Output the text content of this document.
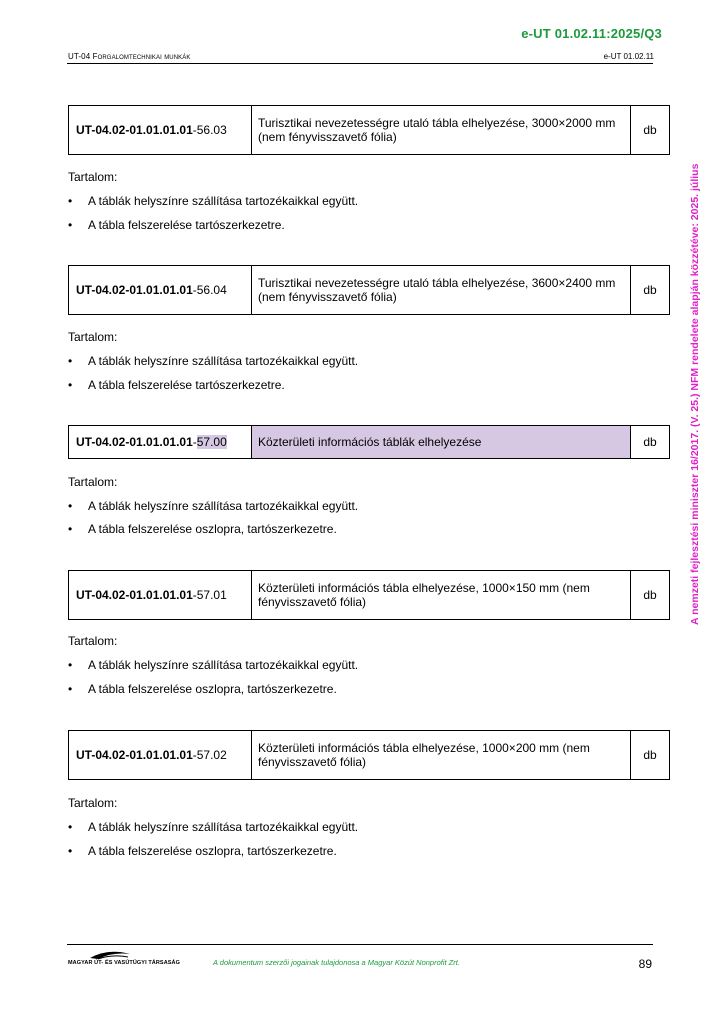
e-UT 01.02.11:2025/Q3
UT-04 Forgalomtechnikai munkák	e-UT 01.02.11
A nemzeti fejlesztési miniszter 16/2017. (V. 25.) NFM rendelete alapján közzétéve: 2025. július
UT-04.02-01.01.01.01 -56.03	Turisztikai nevezetességre utaló tábla elhelyezése, 3000×2000 mm (nem fényvisszavető fólia)	db
Tartalom:
•	A táblák helyszínre szállítása tartozékaikkal együtt.
•	A tábla felszerelése tartószerkezetre.
UT-04.02-01.01.01.01 -56.04	Turisztikai nevezetességre utaló tábla elhelyezése, 3600×2400 mm (nem fényvisszavető fólia)	db
Tartalom:
•	A táblák helyszínre szállítása tartozékaikkal együtt.
•	A tábla felszerelése tartószerkezetre.
UT-04.02-01.01.01.01 - 57.00	Közterületi információs táblák elhelyezése	db
Tartalom:
•	A táblák helyszínre szállítása tartozékaikkal együtt.
•	A tábla felszerelése oszlopra, tartószerkezetre.
UT-04.02-01.01.01.01 -57.01	Közterületi információs tábla elhelyezése, 1000×150 mm (nem fényvisszavető fólia)	db
Tartalom:
•	A táblák helyszínre szállítása tartozékaikkal együtt.
•	A tábla felszerelése oszlopra, tartószerkezetre.
UT-04.02-01.01.01.01 -57.02	Közterületi információs tábla elhelyezése, 1000×200 mm (nem fényvisszavető fólia)	db
Tartalom:
•	A táblák helyszínre szállítása tartozékaikkal együtt.
•	A tábla felszerelése oszlopra, tartószerkezetre.
MAGYAR ÚT- ÉS VASÚTÜGYI TÁRSASÁG	A dokumentum szerzői jogainak tulajdonosa a Magyar Közút Nonprofit Zrt.	89
